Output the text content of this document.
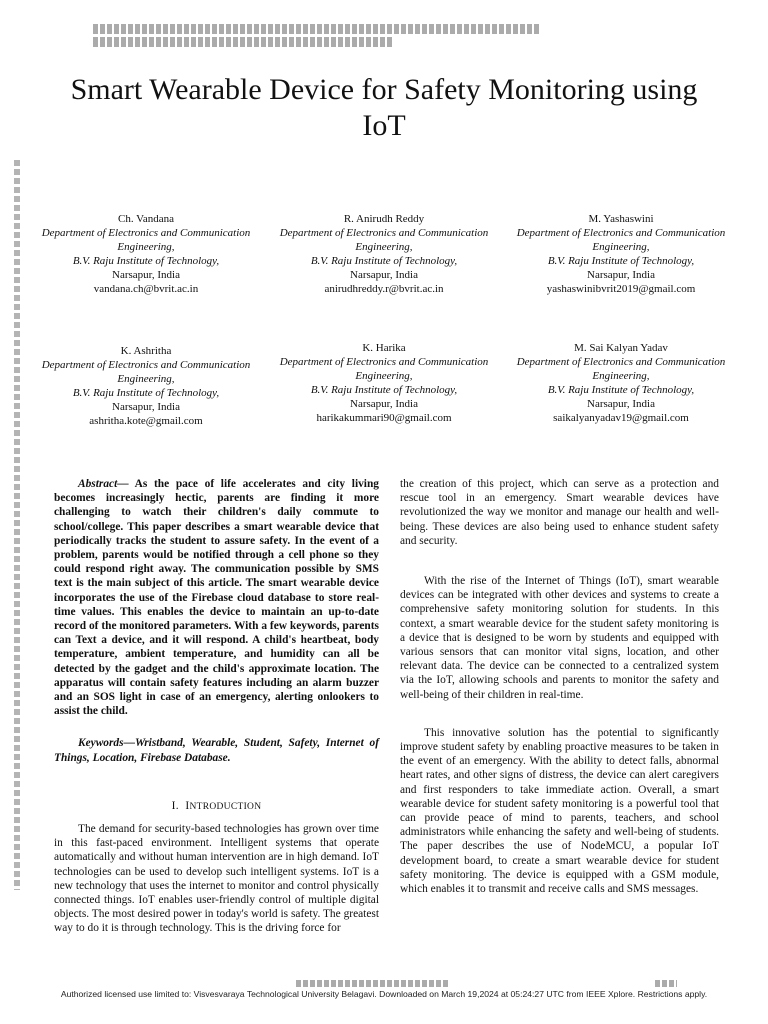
Smart Wearable Device for Safety Monitoring using IoT
Ch. Vandana
Department of Electronics and Communication Engineering,
B.V. Raju Institute of Technology,
Narsapur, India
vandana.ch@bvrit.ac.in
R. Anirudh Reddy
Department of Electronics and Communication Engineering,
B.V. Raju Institute of Technology,
Narsapur, India
anirudhreddy.r@bvrit.ac.in
M. Yashaswini
Department of Electronics and Communication Engineering,
B.V. Raju Institute of Technology,
Narsapur, India
yashaswinibvrit2019@gmail.com
K. Ashritha
Department of Electronics and Communication Engineering,
B.V. Raju Institute of Technology,
Narsapur, India
ashritha.kote@gmail.com
K. Harika
Department of Electronics and Communication Engineering,
B.V. Raju Institute of Technology,
Narsapur, India
harikakummari90@gmail.com
M. Sai Kalyan Yadav
Department of Electronics and Communication Engineering,
B.V. Raju Institute of Technology,
Narsapur, India
saikalyanyadav19@gmail.com

Abstract— As the pace of life accelerates and city living becomes increasingly hectic, parents are finding it more challenging to watch their children's daily commute to school/college. This paper describes a smart wearable device that periodically tracks the student to assure safety. In the event of a problem, parents would be notified through a cell phone so they could respond right away. The communication possible by SMS text is the main subject of this article. The smart wearable device incorporates the use of the Firebase cloud database to store real-time values. This enables the device to maintain an up-to-date record of the monitored parameters. With a few keywords, parents can Text a device, and it will respond. A child's heartbeat, body temperature, ambient temperature, and humidity can all be detected by the gadget and the child's approximate location. The apparatus will contain safety features including an alarm buzzer and an SOS light in case of an emergency, alerting onlookers to assist the child.

Keywords—Wristband, Wearable, Student, Safety, Internet of Things, Location, Firebase Database.

I. INTRODUCTION

The demand for security-based technologies has grown over time in this fast-paced environment. Intelligent systems that operate automatically and without human intervention are in high demand. IoT technologies can be used to develop such intelligent systems. IoT is a new technology that uses the internet to monitor and control physically connected things. IoT enables user-friendly control of multiple digital objects. The most desired power in today's world is safety. The greatest way to do it is through technology. This is the driving force for

the creation of this project, which can serve as a protection and rescue tool in an emergency. Smart wearable devices have revolutionized the way we monitor and manage our health and well-being. These devices are also being used to enhance student safety and security.

With the rise of the Internet of Things (IoT), smart wearable devices can be integrated with other devices and systems to create a comprehensive safety monitoring solution for students. In this context, a smart wearable device for the student safety monitoring is a device that is designed to be worn by students and equipped with various sensors that can monitor vital signs, location, and other relevant data. The device can be connected to a centralized system via the IoT, allowing schools and parents to monitor the safety and well-being of their children in real-time.

This innovative solution has the potential to significantly improve student safety by enabling proactive measures to be taken in the event of an emergency. With the ability to detect falls, abnormal heart rates, and other signs of distress, the device can alert caregivers and first responders to take immediate action. Overall, a smart wearable device for student safety monitoring is a powerful tool that can provide peace of mind to parents, teachers, and school administrators while enhancing the safety and well-being of students. The paper describes the use of NodeMCU, a popular IoT development board, to create a smart wearable device for student safety monitoring. The device is equipped with a GSM module, which enables it to transmit and receive calls and SMS messages.

Authorized licensed use limited to: Visvesvaraya Technological University Belagavi. Downloaded on March 19,2024 at 05:24:27 UTC from IEEE Xplore. Restrictions apply.
